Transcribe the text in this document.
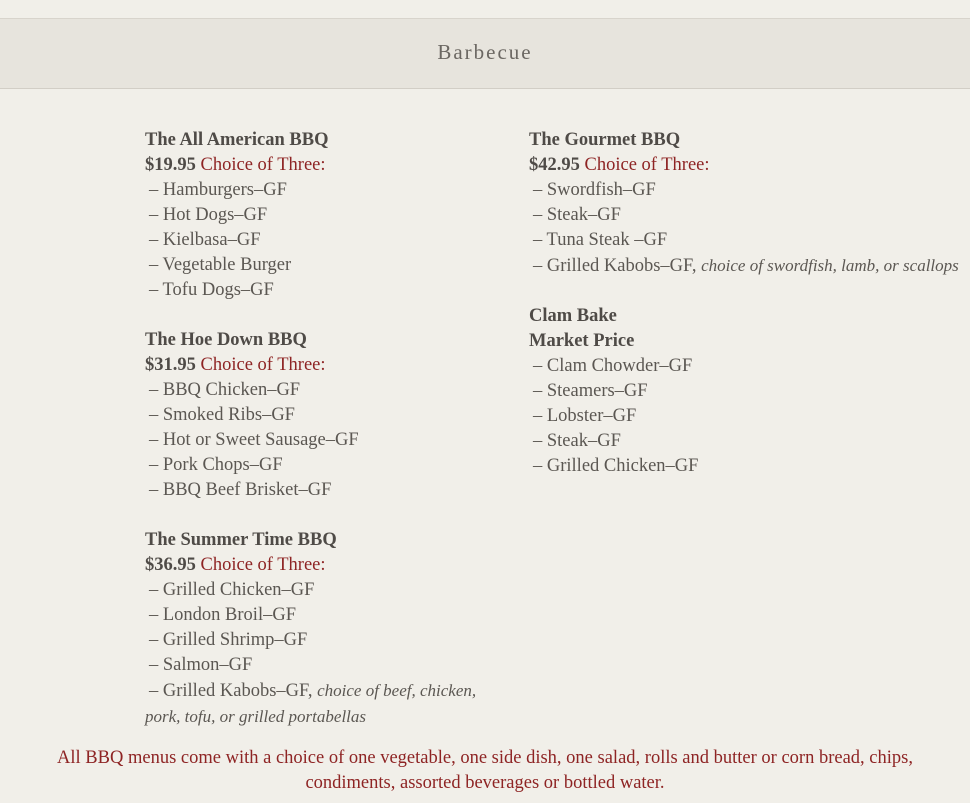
Barbecue
The All American BBQ
$19.95 Choice of Three:
– Hamburgers–GF
– Hot Dogs–GF
– Kielbasa–GF
– Vegetable Burger
– Tofu Dogs–GF
The Hoe Down BBQ
$31.95 Choice of Three:
– BBQ Chicken–GF
– Smoked Ribs–GF
– Hot or Sweet Sausage–GF
– Pork Chops–GF
– BBQ Beef Brisket–GF
The Summer Time BBQ
$36.95 Choice of Three:
– Grilled Chicken–GF
– London Broil–GF
– Grilled Shrimp–GF
– Salmon–GF
– Grilled Kabobs–GF, choice of beef, chicken, pork, tofu, or grilled portabellas
The Gourmet BBQ
$42.95 Choice of Three:
– Swordfish–GF
– Steak–GF
– Tuna Steak –GF
– Grilled Kabobs–GF, choice of swordfish, lamb, or scallops
Clam Bake
Market Price
– Clam Chowder–GF
– Steamers–GF
– Lobster–GF
– Steak–GF
– Grilled Chicken–GF
All BBQ menus come with a choice of one vegetable, one side dish, one salad, rolls and butter or corn bread, chips, condiments, assorted beverages or bottled water.
